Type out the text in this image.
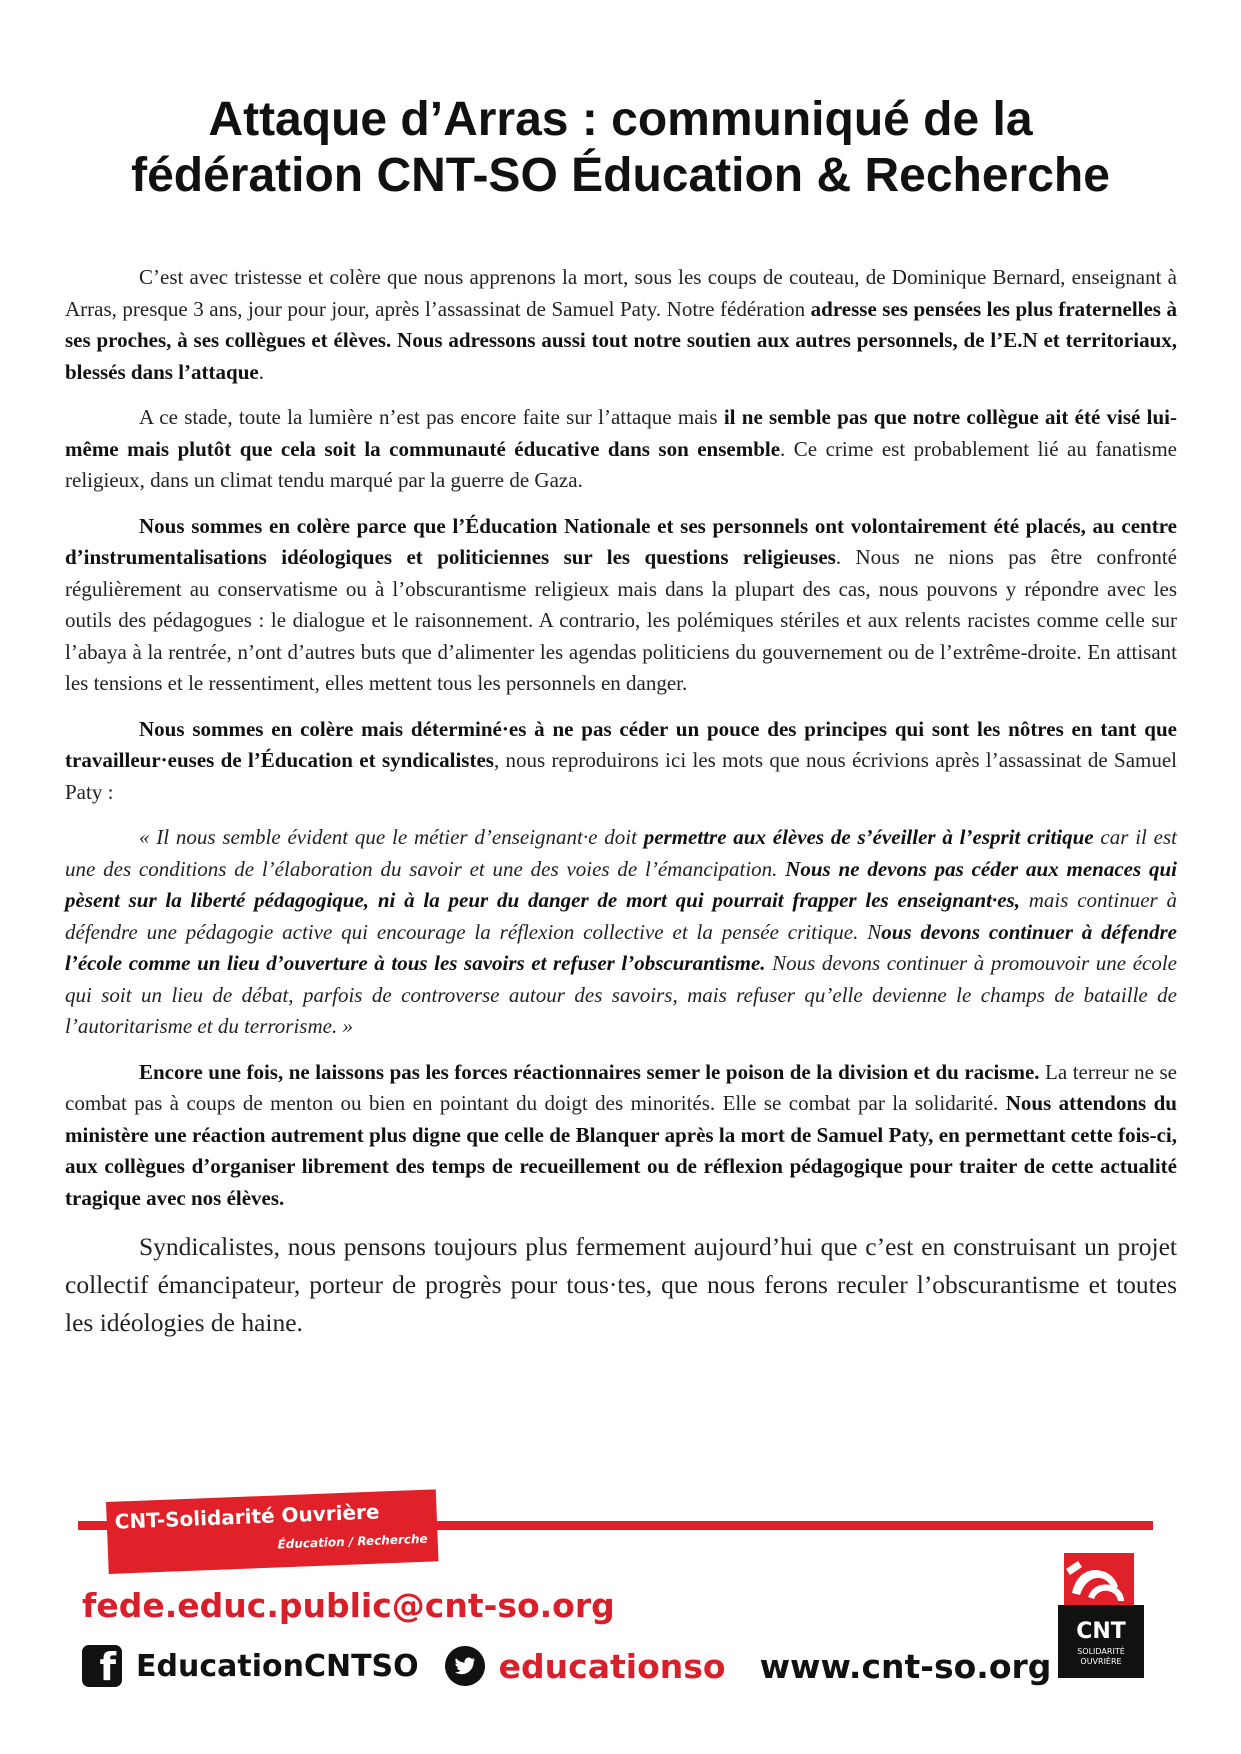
Attaque d’Arras : communiqué de la
fédération CNT-SO Éducation & Recherche

C’est avec tristesse et colère que nous apprenons la mort, sous les coups de couteau, de Dominique Bernard, enseignant à Arras, presque 3 ans, jour pour jour, après l’assassinat de Samuel Paty. Notre fédération adresse ses pensées les plus fraternelles à ses proches, à ses collègues et élèves. Nous adressons aussi tout notre soutien aux autres personnels, de l’E.N et territoriaux, blessés dans l’attaque.

A ce stade, toute la lumière n’est pas encore faite sur l’attaque mais il ne semble pas que notre collègue ait été visé lui-même mais plutôt que cela soit la communauté éducative dans son ensemble. Ce crime est probablement lié au fanatisme religieux, dans un climat tendu marqué par la guerre de Gaza.

Nous sommes en colère parce que l’Éducation Nationale et ses personnels ont volontairement été placés, au centre d’instrumentalisations idéologiques et politiciennes sur les questions religieuses. Nous ne nions pas être confronté régulièrement au conservatisme ou à l’obscurantisme religieux mais dans la plupart des cas, nous pouvons y répondre avec les outils des pédagogues : le dialogue et le raisonnement. A contrario, les polémiques stériles et aux relents racistes comme celle sur l’abaya à la rentrée, n’ont d’autres buts que d’alimenter les agendas politiciens du gouvernement ou de l’extrême-droite. En attisant les tensions et le ressentiment, elles mettent tous les personnels en danger.

Nous sommes en colère mais déterminé·es à ne pas céder un pouce des principes qui sont les nôtres en tant que travailleur·euses de l’Éducation et syndicalistes, nous reproduirons ici les mots que nous écrivions après l’assassinat de Samuel Paty :

« Il nous semble évident que le métier d’enseignant·e doit permettre aux élèves de s’éveiller à l’esprit critique car il est une des conditions de l’élaboration du savoir et une des voies de l’émancipation. Nous ne devons pas céder aux menaces qui pèsent sur la liberté pédagogique, ni à la peur du danger de mort qui pourrait frapper les enseignant·es, mais continuer à défendre une pédagogie active qui encourage la réflexion collective et la pensée critique. Nous devons continuer à défendre l’école comme un lieu d’ouverture à tous les savoirs et refuser l’obscurantisme. Nous devons continuer à promouvoir une école qui soit un lieu de débat, parfois de controverse autour des savoirs, mais refuser qu’elle devienne le champs de bataille de l’autoritarisme et du terrorisme. »

Encore une fois, ne laissons pas les forces réactionnaires semer le poison de la division et du racisme. La terreur ne se combat pas à coups de menton ou bien en pointant du doigt des minorités. Elle se combat par la solidarité. Nous attendons du ministère une réaction autrement plus digne que celle de Blanquer après la mort de Samuel Paty, en permettant cette fois-ci, aux collègues d’organiser librement des temps de recueillement ou de réflexion pédagogique pour traiter de cette actualité tragique avec nos élèves.

Syndicalistes, nous pensons toujours plus fermement aujourd’hui que c’est en construisant un projet collectif émancipateur, porteur de progrès pour tous·tes, que nous ferons reculer l’obscurantisme et toutes les idéologies de haine.

CNT-Solidarité Ouvrière
Éducation / Recherche
fede.educ.public@cnt-so.org
f EducationCNTSO educationso www.cnt-so.org
CNT
SOLIDARITÉ
OUVRIÈRE
